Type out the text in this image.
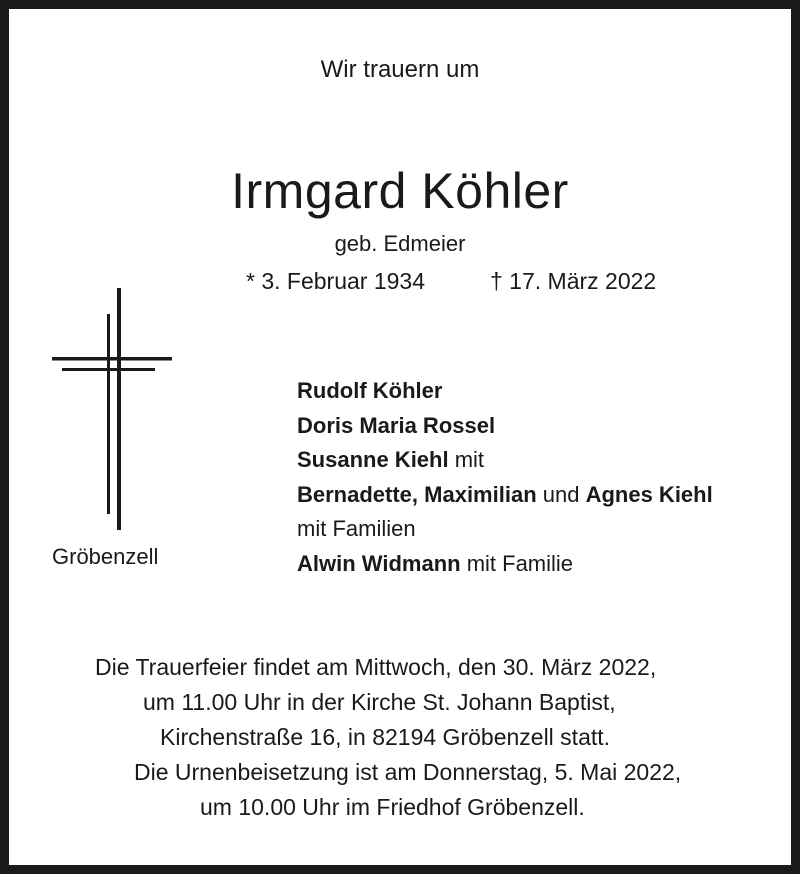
Wir trauern um
Irmgard Köhler
geb. Edmeier
* 3. Februar 1934	† 17. März 2022
Gröbenzell
Rudolf Köhler
Doris Maria Rossel
Susanne Kiehl mit
Bernadette, Maximilian und Agnes Kiehl
mit Familien
Alwin Widmann mit Familie
Die Trauerfeier findet am Mittwoch, den 30. März 2022,
um 11.00 Uhr in der Kirche St. Johann Baptist,
Kirchenstraße 16, in 82194 Gröbenzell statt.
Die Urnenbeisetzung ist am Donnerstag, 5. Mai 2022,
um 10.00 Uhr im Friedhof Gröbenzell.
